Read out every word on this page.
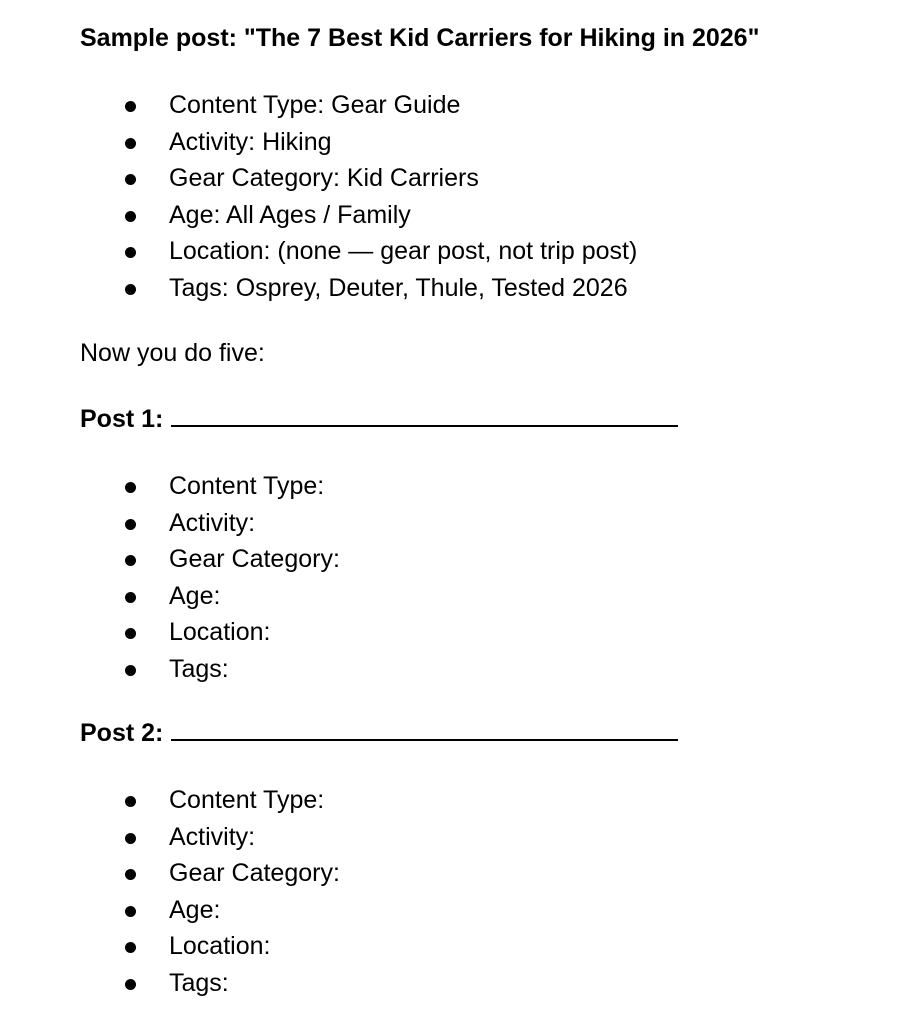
Sample post: "The 7 Best Kid Carriers for Hiking in 2026"
Content Type: Gear Guide
Activity: Hiking
Gear Category: Kid Carriers
Age: All Ages / Family
Location: (none — gear post, not trip post)
Tags: Osprey, Deuter, Thule, Tested 2026
Now you do five:
Post 1:
Content Type:
Activity:
Gear Category:
Age:
Location:
Tags:
Post 2:
Content Type:
Activity:
Gear Category:
Age:
Location:
Tags:
